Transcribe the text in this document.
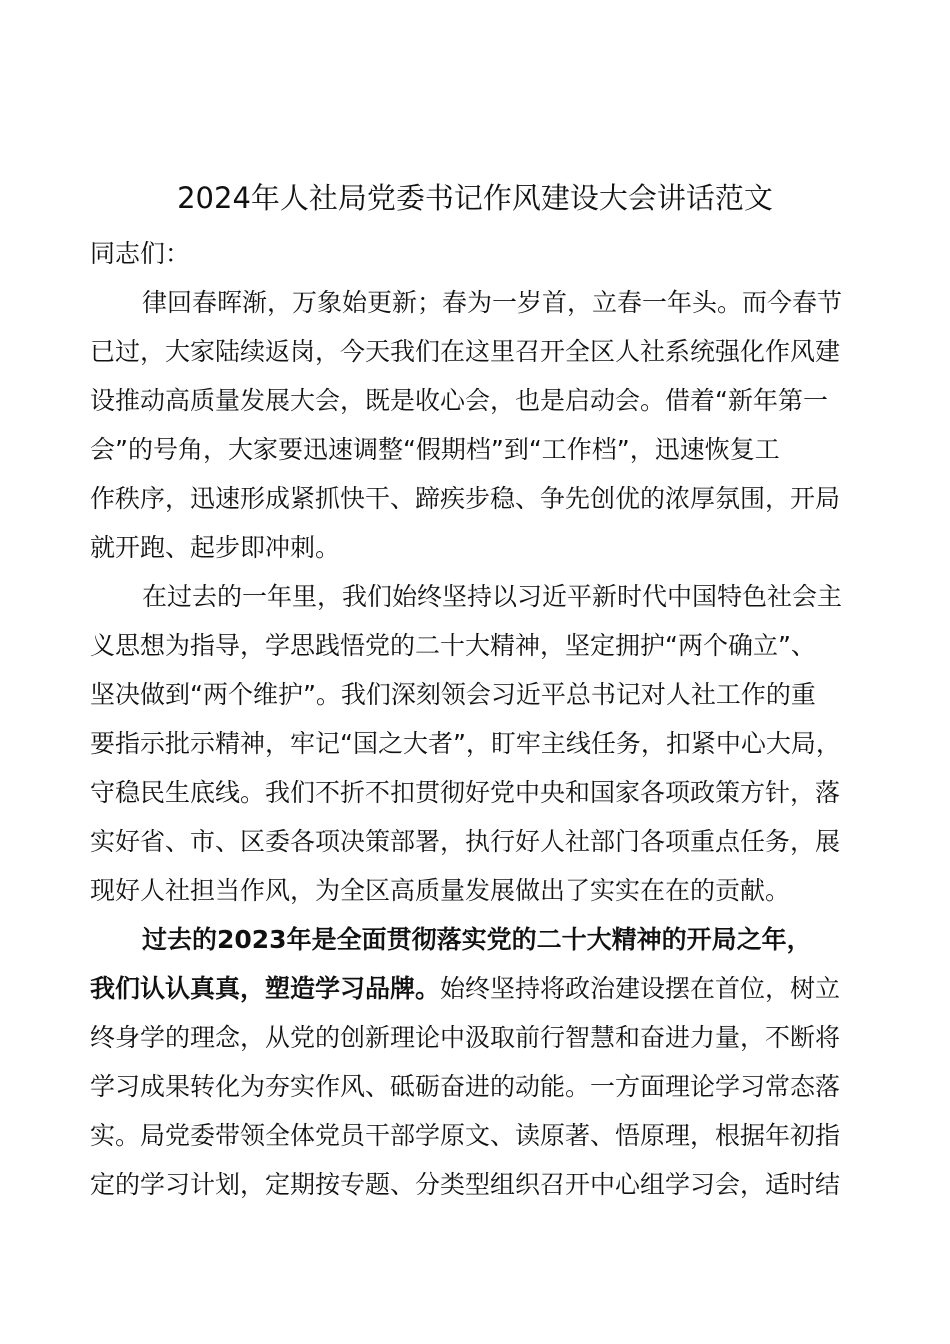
2024年人社局党委书记作风建设大会讲话范文
同志们：
律回春晖渐，万象始更新；春为一岁首，立春一年头。而今春节
已过，大家陆续返岗，今天我们在这里召开全区人社系统强化作风建
设推动高质量发展大会，既是收心会，也是启动会。借着“新年第一
会”的号角，大家要迅速调整“假期档”到“工作档”，迅速恢复工
作秩序，迅速形成紧抓快干、蹄疾步稳、争先创优的浓厚氛围，开局
就开跑、起步即冲刺。
在过去的一年里，我们始终坚持以习近平新时代中国特色社会主
义思想为指导，学思践悟党的二十大精神，坚定拥护“两个确立”、
坚决做到“两个维护”。我们深刻领会习近平总书记对人社工作的重
要指示批示精神，牢记“国之大者”，盯牢主线任务，扣紧中心大局，
守稳民生底线。我们不折不扣贯彻好党中央和国家各项政策方针，落
实好省、市、区委各项决策部署，执行好人社部门各项重点任务，展
现好人社担当作风，为全区高质量发展做出了实实在在的贡献。
过去的2023年是全面贯彻落实党的二十大精神的开局之年，
我们认认真真，塑造学习品牌。始终坚持将政治建设摆在首位，树立
终身学的理念，从党的创新理论中汲取前行智慧和奋进力量，不断将
学习成果转化为夯实作风、砥砺奋进的动能。一方面理论学习常态落
实。局党委带领全体党员干部学原文、读原著、悟原理，根据年初指
定的学习计划，定期按专题、分类型组织召开中心组学习会，适时结
